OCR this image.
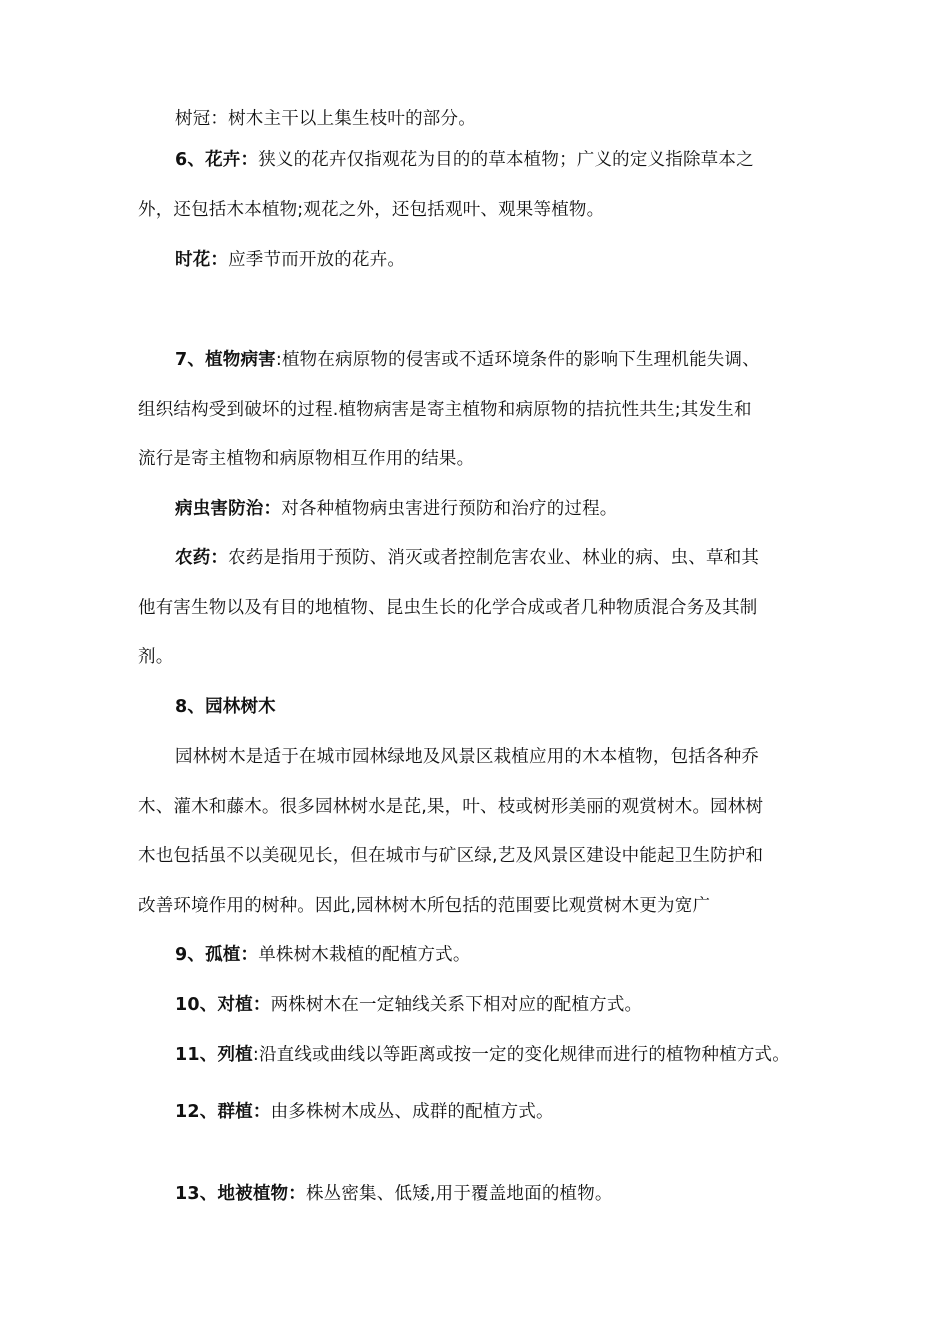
树冠：树木主干以上集生枝叶的部分。

6、花卉：狭义的花卉仅指观花为目的的草本植物；广义的定义指除草本之
外，还包括木本植物;观花之外，还包括观叶、观果等植物。

时花：应季节而开放的花卉。

7、植物病害:植物在病原物的侵害或不适环境条件的影响下生理机能失调、
组织结构受到破坏的过程.植物病害是寄主植物和病原物的拮抗性共生;其发生和
流行是寄主植物和病原物相互作用的结果。

病虫害防治：对各种植物病虫害进行预防和治疗的过程。

农药：农药是指用于预防、消灭或者控制危害农业、林业的病、虫、草和其
他有害生物以及有目的地植物、昆虫生长的化学合成或者几种物质混合务及其制
剂。

8、园林树木

园林树木是适于在城市园林绿地及风景区栽植应用的木本植物，包括各种乔
木、灌木和藤木。很多园林树水是芘,果，叶、枝或树形美丽的观赏树木。园林树
木也包括虽不以美砚见长，但在城市与矿区绿,艺及风景区建设中能起卫生防护和
改善环境作用的树种。因此,园林树木所包括的范围要比观赏树木更为宽广

9、孤植：单株树木栽植的配植方式。

10、对植：两株树木在一定轴线关系下相对应的配植方式。

11、列植:沿直线或曲线以等距离或按一定的变化规律而进行的植物种植方式。

12、群植：由多株树木成丛、成群的配植方式。

13、地被植物：株丛密集、低矮,用于覆盖地面的植物。
